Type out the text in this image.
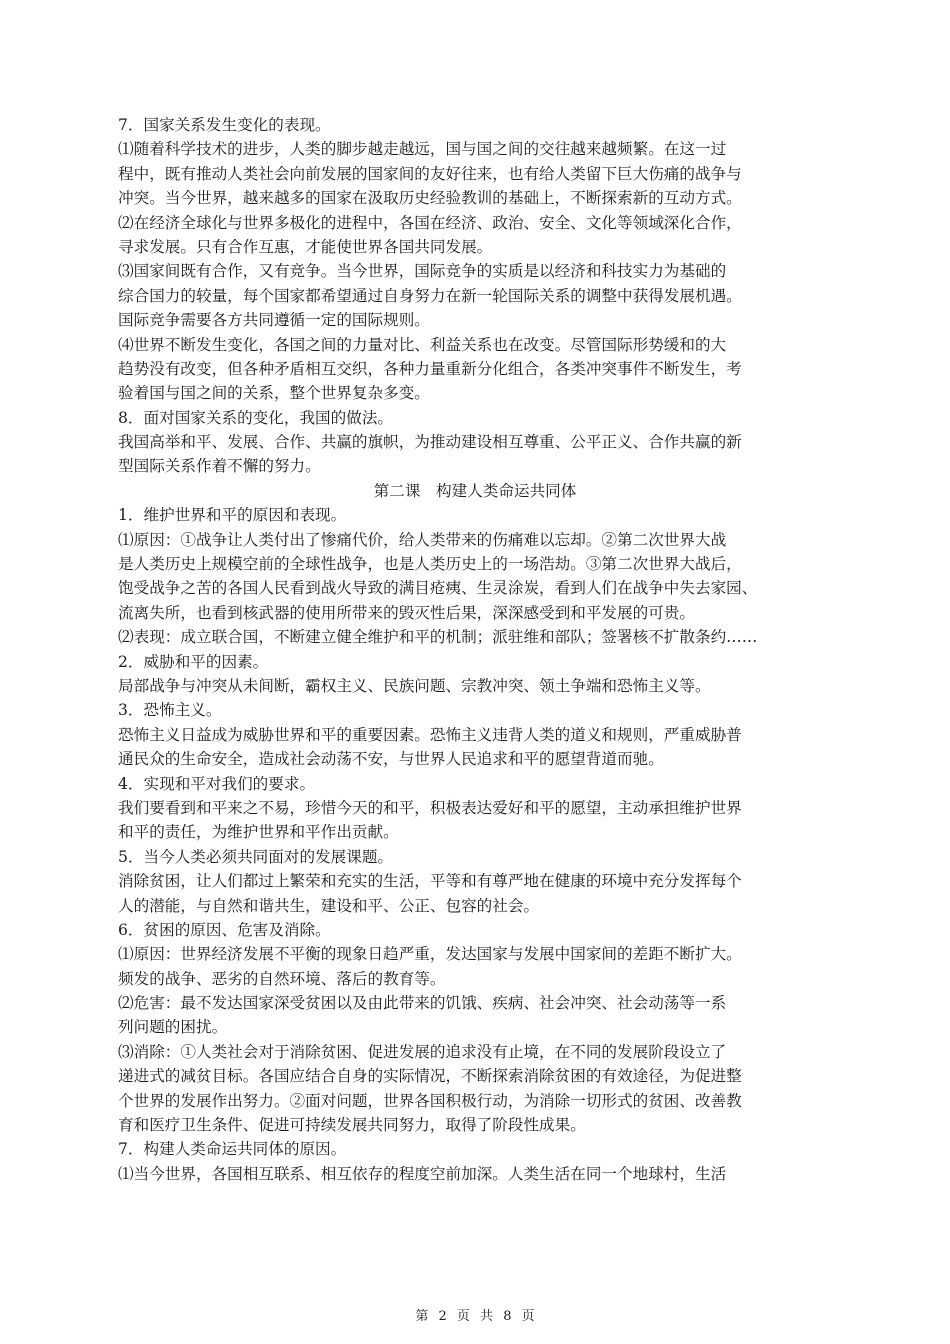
7．国家关系发生变化的表现。
⑴随着科学技术的进步，人类的脚步越走越远，国与国之间的交往越来越频繁。在这一过
程中，既有推动人类社会向前发展的国家间的友好往来，也有给人类留下巨大伤痛的战争与
冲突。当今世界，越来越多的国家在汲取历史经验教训的基础上，不断探索新的互动方式。
⑵在经济全球化与世界多极化的进程中，各国在经济、政治、安全、文化等领域深化合作，
寻求发展。只有合作互惠，才能使世界各国共同发展。
⑶国家间既有合作，又有竞争。当今世界，国际竞争的实质是以经济和科技实力为基础的
综合国力的较量，每个国家都希望通过自身努力在新一轮国际关系的调整中获得发展机遇。
国际竞争需要各方共同遵循一定的国际规则。
⑷世界不断发生变化，各国之间的力量对比、利益关系也在改变。尽管国际形势缓和的大
趋势没有改变，但各种矛盾相互交织，各种力量重新分化组合，各类冲突事件不断发生，考
验着国与国之间的关系，整个世界复杂多变。
8．面对国家关系的变化，我国的做法。
我国高举和平、发展、合作、共赢的旗帜，为推动建设相互尊重、公平正义、合作共赢的新
型国际关系作着不懈的努力。
第二课　构建人类命运共同体
1．维护世界和平的原因和表现。
⑴原因：①战争让人类付出了惨痛代价，给人类带来的伤痛难以忘却。②第二次世界大战
是人类历史上规模空前的全球性战争，也是人类历史上的一场浩劫。③第二次世界大战后，
饱受战争之苦的各国人民看到战火导致的满目疮痍、生灵涂炭，看到人们在战争中失去家园、
流离失所，也看到核武器的使用所带来的毁灭性后果，深深感受到和平发展的可贵。
⑵表现：成立联合国，不断建立健全维护和平的机制；派驻维和部队；签署核不扩散条约……
2．威胁和平的因素。
局部战争与冲突从未间断，霸权主义、民族问题、宗教冲突、领土争端和恐怖主义等。
3．恐怖主义。
恐怖主义日益成为威胁世界和平的重要因素。恐怖主义违背人类的道义和规则，严重威胁普
通民众的生命安全，造成社会动荡不安，与世界人民追求和平的愿望背道而驰。
4．实现和平对我们的要求。
我们要看到和平来之不易，珍惜今天的和平，积极表达爱好和平的愿望，主动承担维护世界
和平的责任，为维护世界和平作出贡献。
5．当今人类必须共同面对的发展课题。
消除贫困，让人们都过上繁荣和充实的生活，平等和有尊严地在健康的环境中充分发挥每个
人的潜能，与自然和谐共生，建设和平、公正、包容的社会。
6．贫困的原因、危害及消除。
⑴原因：世界经济发展不平衡的现象日趋严重，发达国家与发展中国家间的差距不断扩大。
频发的战争、恶劣的自然环境、落后的教育等。
⑵危害：最不发达国家深受贫困以及由此带来的饥饿、疾病、社会冲突、社会动荡等一系
列问题的困扰。
⑶消除：①人类社会对于消除贫困、促进发展的追求没有止境，在不同的发展阶段设立了
递进式的减贫目标。各国应结合自身的实际情况，不断探索消除贫困的有效途径，为促进整
个世界的发展作出努力。②面对问题，世界各国积极行动，为消除一切形式的贫困、改善教
育和医疗卫生条件、促进可持续发展共同努力，取得了阶段性成果。
7．构建人类命运共同体的原因。
⑴当今世界，各国相互联系、相互依存的程度空前加深。人类生活在同一个地球村，生活
第 2 页 共 8 页
